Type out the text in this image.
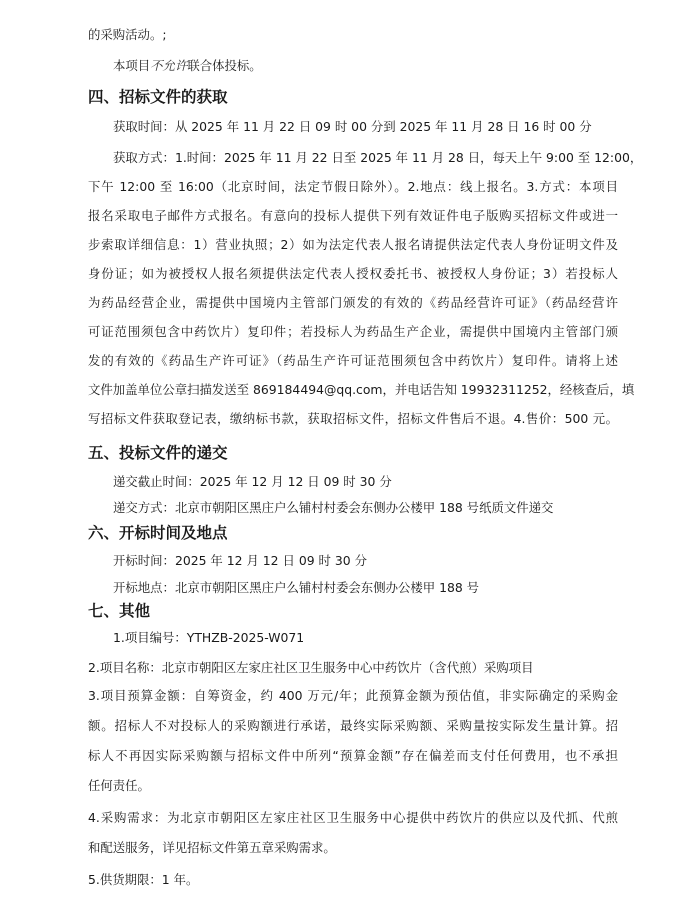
的采购活动。;
本项目不允许联合体投标。
四、招标文件的获取
获取时间：从 2025 年 11 月 22 日 09 时 00 分到 2025 年 11 月 28 日 16 时 00 分
获取方式：1.时间：2025 年 11 月 22 日至 2025 年 11 月 28 日，每天上午 9:00 至 12:00，
下午 12:00 至 16:00（北京时间，法定节假日除外）。2.地点：线上报名。3.方式：本项目
报名采取电子邮件方式报名。有意向的投标人提供下列有效证件电子版购买招标文件或进一
步索取详细信息：1）营业执照；2）如为法定代表人报名请提供法定代表人身份证明文件及
身份证；如为被授权人报名须提供法定代表人授权委托书、被授权人身份证；3）若投标人
为药品经营企业，需提供中国境内主管部门颁发的有效的《药品经营许可证》（药品经营许
可证范围须包含中药饮片）复印件；若投标人为药品生产企业，需提供中国境内主管部门颁
发的有效的《药品生产许可证》（药品生产许可证范围须包含中药饮片）复印件。请将上述
文件加盖单位公章扫描发送至 869184494@qq.com，并电话告知 19932311252，经核查后，填
写招标文件获取登记表，缴纳标书款，获取招标文件，招标文件售后不退。4.售价：500 元。
五、投标文件的递交
递交截止时间：2025 年 12 月 12 日 09 时 30 分
递交方式：北京市朝阳区黑庄户么铺村村委会东侧办公楼甲 188 号纸质文件递交
六、开标时间及地点
开标时间：2025 年 12 月 12 日 09 时 30 分
开标地点：北京市朝阳区黑庄户么铺村村委会东侧办公楼甲 188 号
七、其他
1.项目编号：YTHZB-2025-W071
2.项目名称：北京市朝阳区左家庄社区卫生服务中心中药饮片（含代煎）采购项目
3.项目预算金额：自筹资金，约 400 万元/年；此预算金额为预估值，非实际确定的采购金
额。招标人不对投标人的采购额进行承诺，最终实际采购额、采购量按实际发生量计算。招
标人不再因实际采购额与招标文件中所列“预算金额”存在偏差而支付任何费用，也不承担
任何责任。
4.采购需求：为北京市朝阳区左家庄社区卫生服务中心提供中药饮片的供应以及代抓、代煎
和配送服务，详见招标文件第五章采购需求。
5.供货期限：1 年。
